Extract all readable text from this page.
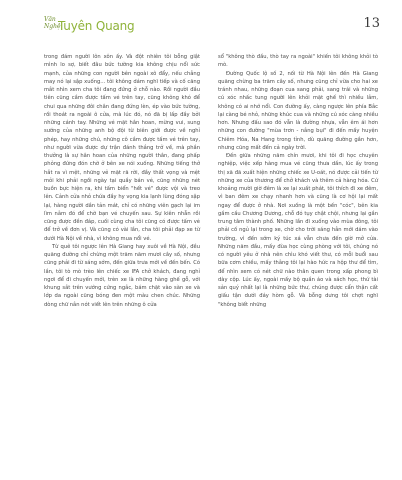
Văn
Nghệ
Tuyên Quang	13

trong đám người lôn xôn ấy. Và đột nhiên tôi bỗng giật mình lo sợ, biết đâu bức tường kia không chịu nổi sức mạnh, của những con người bên ngoài xô đẩy, nếu chẳng may nó lại sập xuống... tôi không dám nghĩ tiếp và cố căng mắt nhìn xem cha tôi đang đứng ở chỗ nào. Rồi người đầu tiên cũng cầm được tấm vé trên tay, cũng không khó để chui qua những đôi chân đang đứng lèn, ép vào bức tường, rồi thoát ra ngoài ô cửa, mà lúc đó, nó đã bị lấp đầy bởi những cánh tay. Những vé mặt hân hoan, mừng vui, sung sướng của những anh bộ đội từ biên giới được về nghỉ phép, hay những chú, những cô cầm được tấm vé trên tay, như người vừa được dự trận đánh thắng trở về, mà phần thưởng là sự hân hoan của những người thân, đang phấp phỏng đứng đón chờ ở bên xe nói xuống. Những tiếng thở hắt ra vì mệt, những vẻ mặt rã rời, đầy thất vọng và mệt mỏi khi phải ngồi ngày tại quầy bán vé, cũng những nét buồn bực hiện ra, khi tấm biển "hết vé" được vội và treo lên. Cảnh cửa nhỏ chứa đầy hy vọng kia lạnh lùng đóng sập lại, hàng người dần tản mát, chỉ có những viên gạch lại im lìm nằm đó để chờ bạn vé chuyến sau. Sự kiên nhẫn rồi cũng được đền đáp, cuối cùng cha tôi cũng có được tấm vé để trở về đơn vị. Và cũng có vài lần, cha tôi phải đạp xe từ dưới Hà Nội về nhà, vì không mua nổi vé.

Từ quê tôi ngược lên Hà Giang hay xuôi về Hà Nội, đều quãng đường chỉ chừng một trăm năm mươi cây số, nhưng cũng phải đi từ sáng sớm, đến giữa trưa mới về đến bến. Có lần, tôi tò mò trèo lên chiếc xe IFA chở khách, đang nghỉ ngơi để đi chuyến mới, trèn xe là những hàng ghế gỗ, với khung sắt trên vướng cứng ngắc, bám chặt vào sàn xe và lớp da ngoài cũng bóng đen một màu chen chúc. Những dòng chữ nắn nót viết lên trên những ô cửa

sổ "không thò đầu, thò tay ra ngoài" khiến tôi không khỏi tò mò.

Đường Quốc lộ số 2, nối từ Hà Nội lên đến Hà Giang quãng chừng ba trăm cây số, nhưng cũng chỉ vừa cho hai xe tránh nhau, những đoạn cua sang phải, sang trái và những cú xóc nhấc tung người lên khỏi mặt ghế thì nhiều lắm, không có ai nhớ nổi. Con đường ấy, càng ngược lên phía Bắc lại càng bé nhỏ, những khúc cua và những cú xóc càng nhiều hơn. Nhưng đấu sao đó vẫn là đường nhựa, vẫn êm ái hơn những con đường "mùa trơn - nắng bụi" đi đến mấy huyện Chiêm Hóa, Na Hang trong tỉnh, dù quãng đường gần hơn, nhưng cũng mất đến cả ngày trời.

Đến giữa những năm chín mươi, khi tôi đi học chuyên nghiệp, việc xếp hàng mua vé cũng thưa dần, lúc ấy trong thị xã đã xuất hiện những chiếc xe U-oát, nó được cải tiến từ những xe của thương để chở khách và thêm cả hàng hóa. Cứ khoảng mười giờ đêm là xe lại xuất phát, tôi thích đi xe đêm, vì ban đêm xe chạy nhanh hơn và cũng là cơ hội lại mất ngay để được ở nhà. Nơi xuống là một bến "cóc", bên kia gầm cầu Chương Dương, chỗ đó tụy chật chội, nhưng lại gần trung tâm thành phố. Những lần đi xuống vào mùa đông, tôi phải cố ngủ lại trong xe, chờ cho trời sáng hẳn mới dám vào trường, vì đến sớm ký túc xá vẫn chưa đến giờ mở cửa. Những năm đầu, mấy đùa học cùng phòng với tôi, chúng nó có người yêu ở nhà nên chìu khó viết thư, có mỗi buổi sau bữa cơm chiều, mấy thằng tôi lại hào hức ra hộp thư để tìm, để nhìn xem có nét chữ nào thân quen trong xấp phong bì dày cộp. Lúc ấy, ngoài mấy bộ quần áo và sách học, thứ tài sản quý nhất lại là những bức thư, chúng được cẩn thận cất giấu tận dưới đáy hòm gỗ. Và bỗng dưng tôi chợt nghĩ "không biết những
